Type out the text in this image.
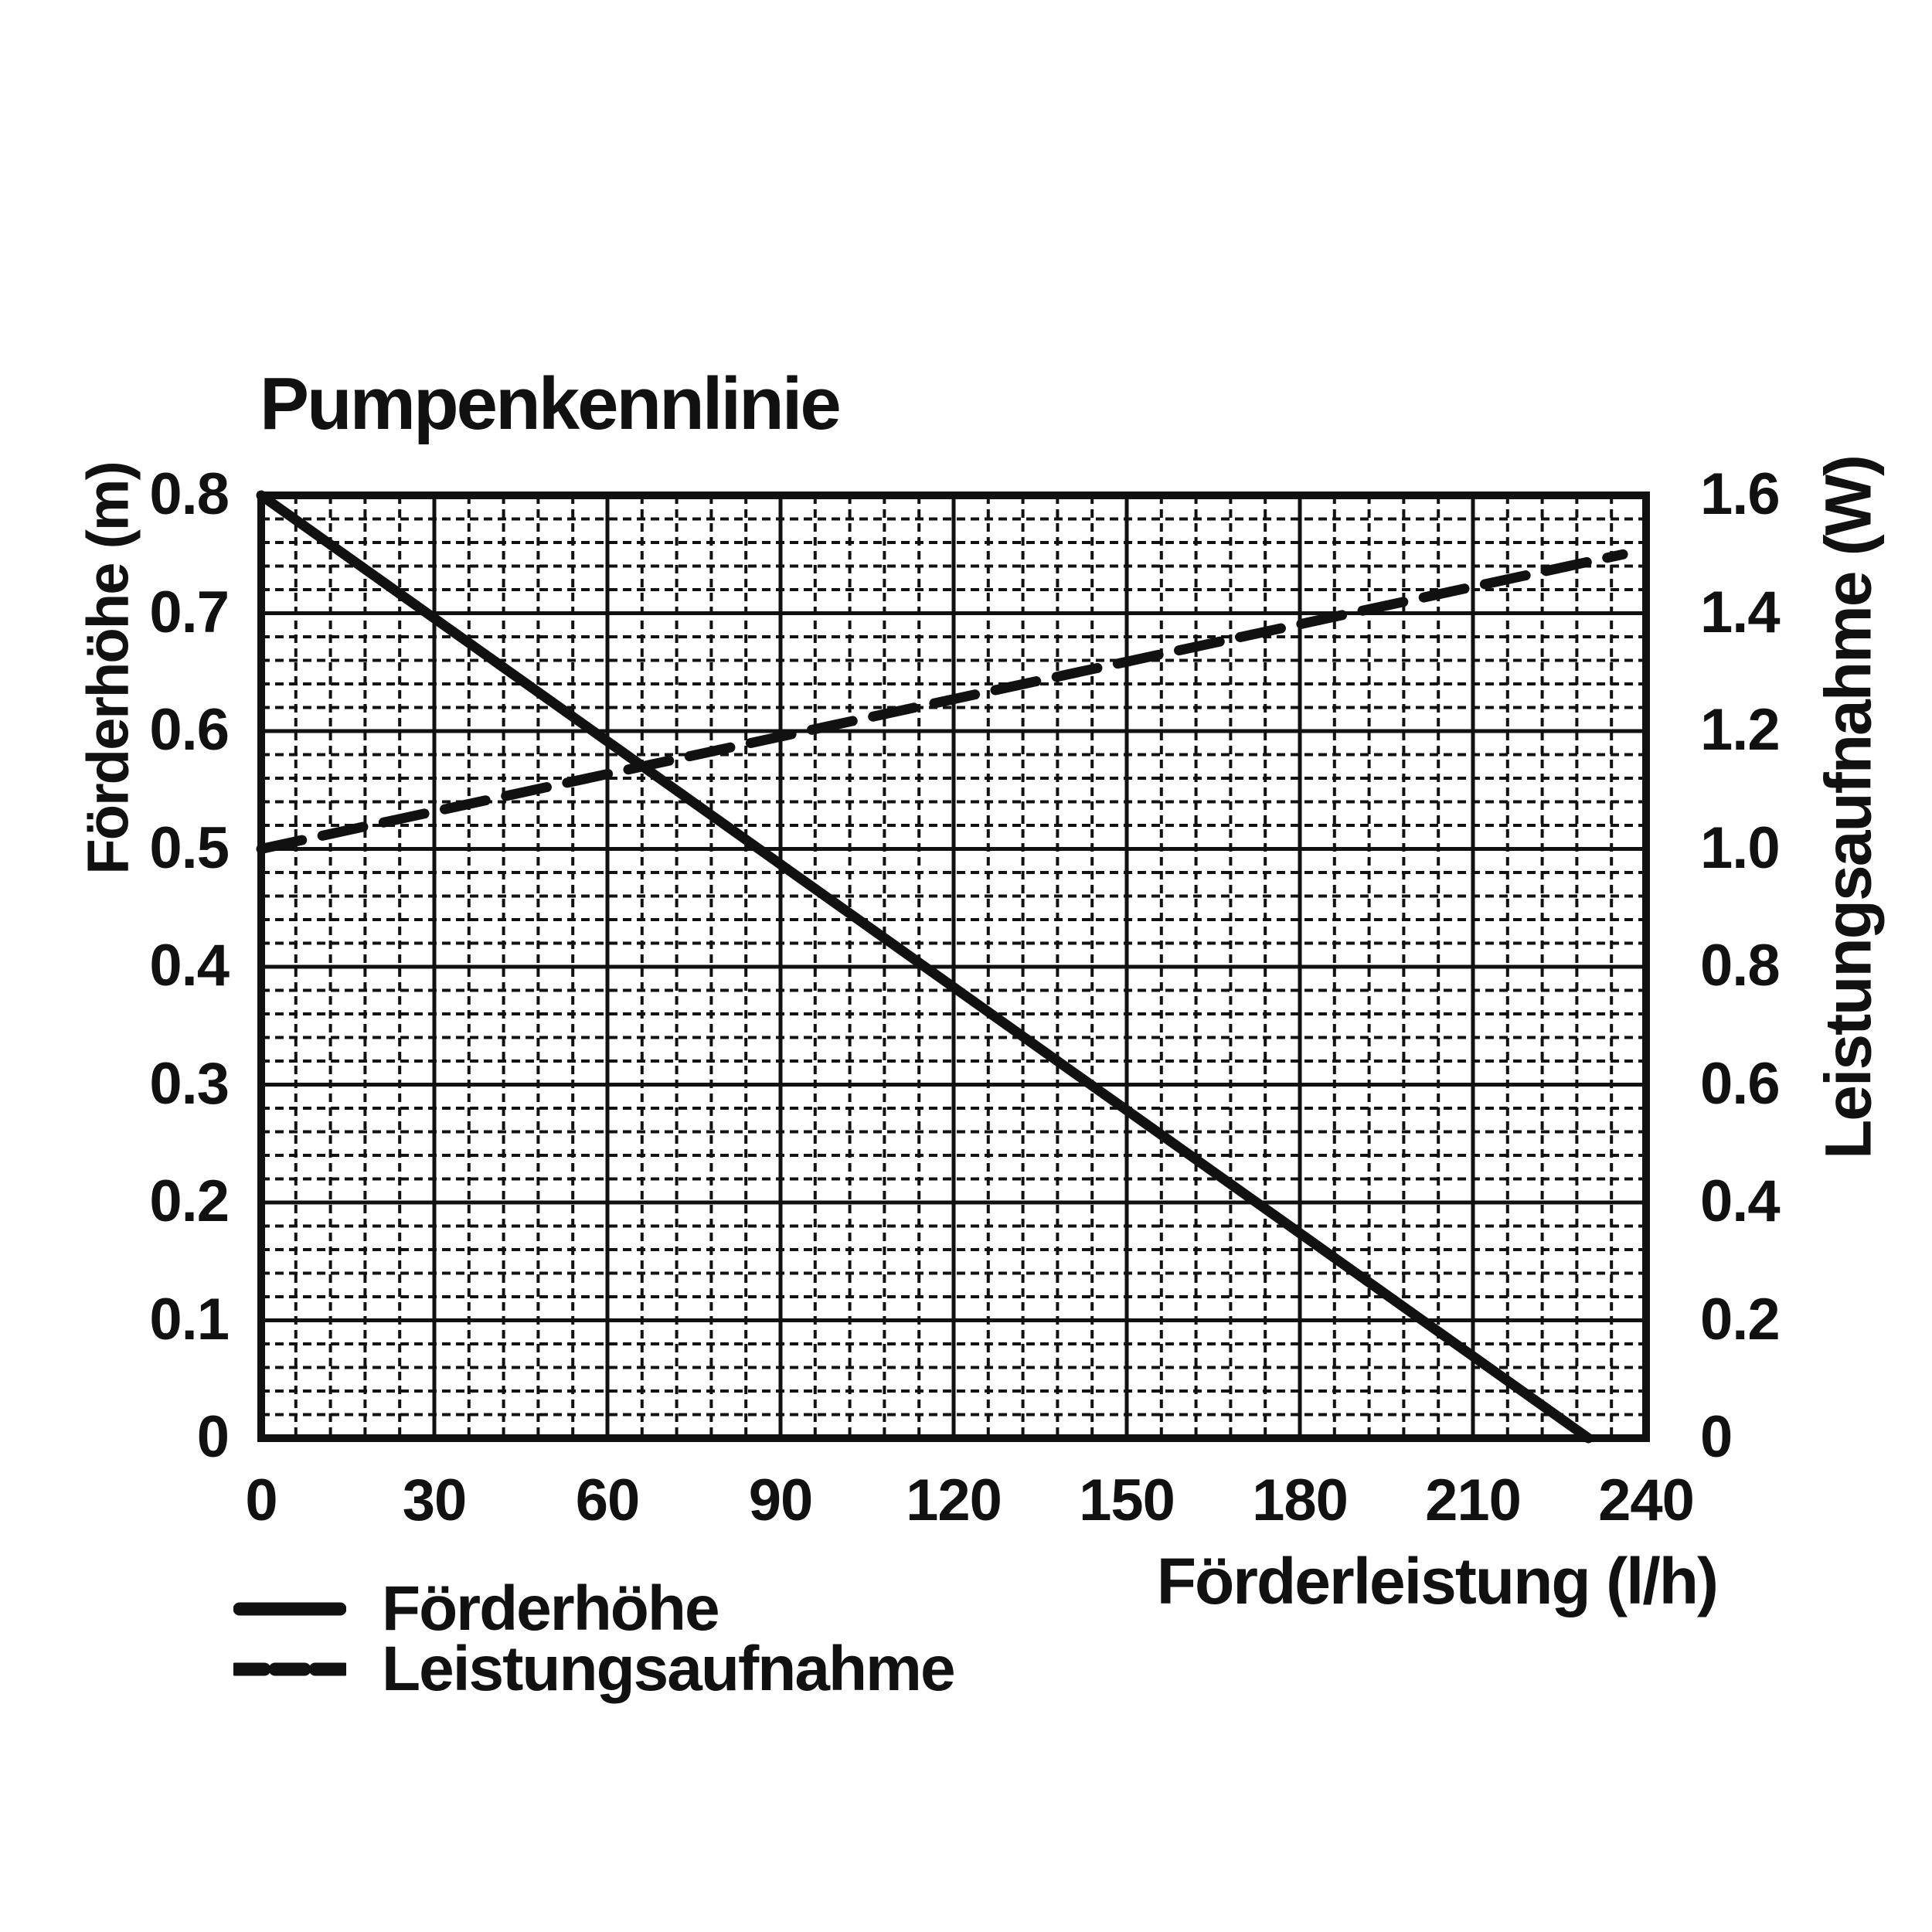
Pumpenkennlinie
Förderhöhe (m)	Leistungsaufnahme (W)
Förderleistung (l/h)
0 30 60 90 120 150 180 210 240
0.8
0.7
0.6
0.5
0.4
0.3
0.2
0.1
0
1.6
1.4
1.2
1.0
0.8
0.6
0.4
0.2
0
Förderhöhe
Leistungsaufnahme
